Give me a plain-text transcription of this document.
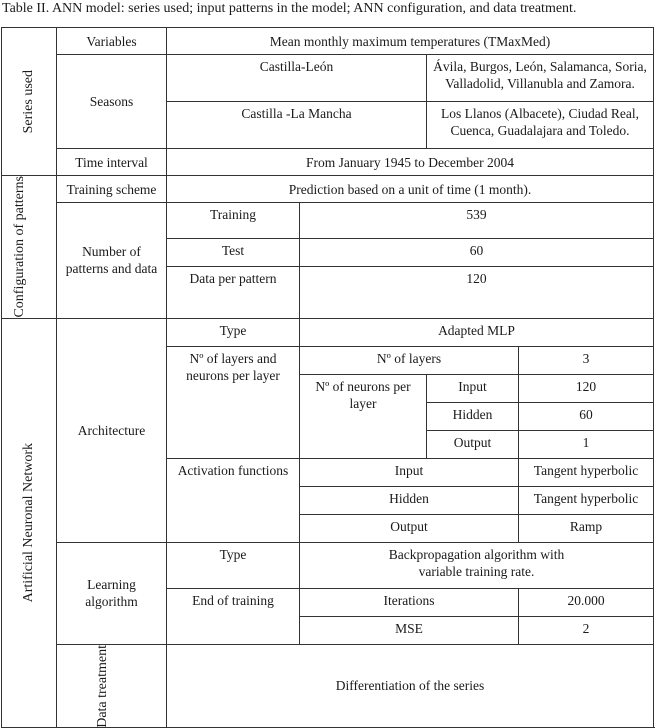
Table II. ANN model: series used; input patterns in the model; ANN configuration, and data treatment.
Series used	Variables	Mean monthly maximum temperatures (TMaxMed)			
	Seasons	Castilla-León		Ávila, Burgos, León, Salamanca, Soria, Valladolid, Villanubla and Zamora.	
		Castilla -La Mancha		Los Llanos (Albacete), Ciudad Real, Cuenca, Guadalajara and Toledo.	
	Time interval	From January 1945 to December 2004			

Configuration of patterns	Training scheme	Prediction based on a unit of time (1 month).			
	Number of patterns and data	Training	539		
		Test	60		
		Data per pattern	120		

Artificial Neuronal Network	Architecture	Type	Adapted MLP		
		Nº of layers and neurons per layer	Nº of layers		3
			Nº of neurons per layer	Input	120
				Hidden	60
				Output	1
		Activation functions	Input		Tangent hyperbolic
			Hidden		Tangent hyperbolic
			Output		Ramp
	Learning algorithm	Type	Backpropagation algorithm with variable training rate.		
		End of training	Iterations		20.000
			MSE		2

	Data treatment	Differentiation of the series			
